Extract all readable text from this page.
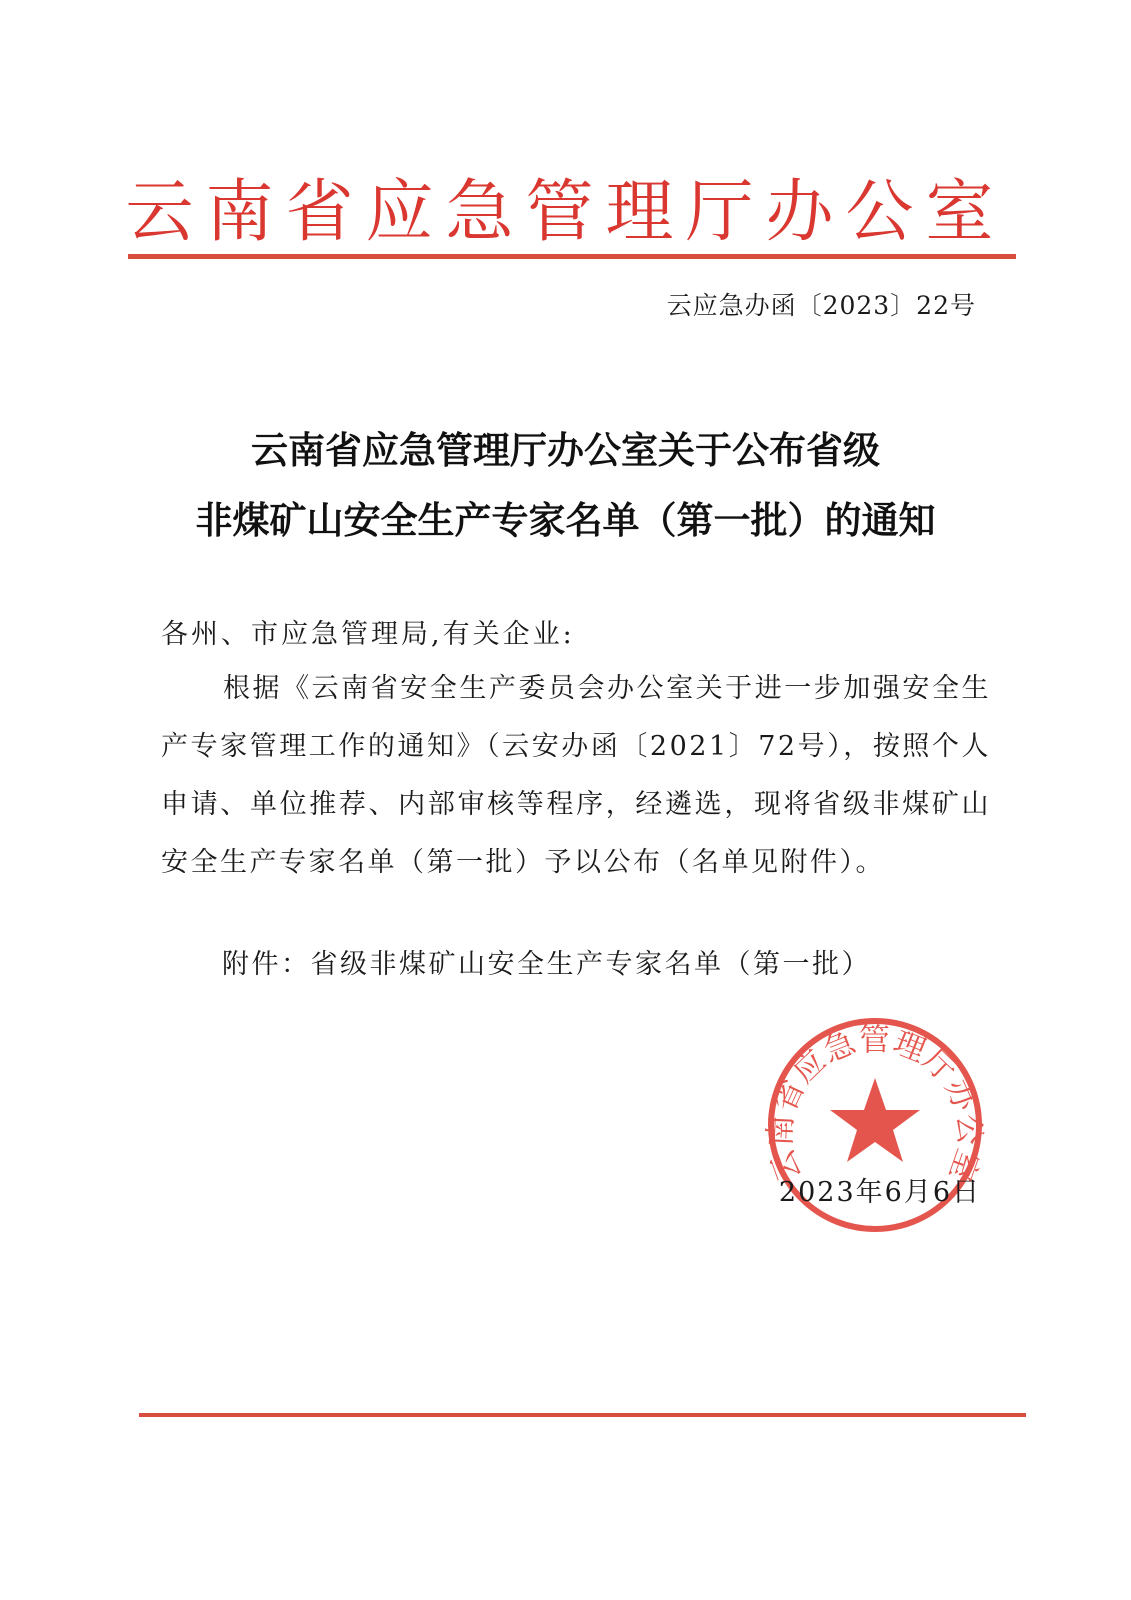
云南省应急管理厅办公室
云应急办函〔2023〕22号
云南省应急管理厅办公室关于公布省级
非煤矿山安全生产专家名单（第一批）的通知
各州、市应急管理局,有关企业:

根据《云南省安全生产委员会办公室关于进一步加强安全生产专家管理工作的通知》（云安办函〔2021〕72号），按照个人申请、单位推荐、内部审核等程序，经遴选，现将省级非煤矿山安全生产专家名单（第一批）予以公布（名单见附件）。

附件：省级非煤矿山安全生产专家名单（第一批）
云南省应急管理厅办公室
2023年6月6日
